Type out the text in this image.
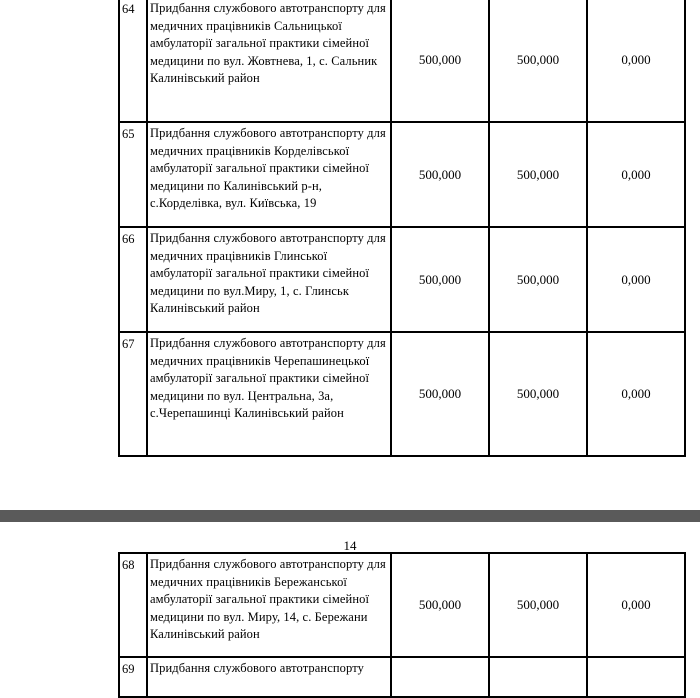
64	Придбання службового автотранспорту для медичних працівників Сальницької амбулаторії загальної практики сімейної медицини по вул. Жовтнева, 1, с. Сальник Калинівський район	500,000	500,000	0,000
65	Придбання службового автотранспорту для медичних працівників Корделівської амбулаторії загальної практики сімейної медицини по Калинівський р-н, с.Корделівка, вул. Київська, 19	500,000	500,000	0,000
66	Придбання службового автотранспорту для медичних працівників Глинської амбулаторії загальної практики сімейної медицини по вул.Миру, 1, с. Глинськ Калинівський район	500,000	500,000	0,000
67	Придбання службового автотранспорту для медичних працівників Черепашинецької амбулаторії загальної практики сімейної медицини по вул. Центральна, 3а, с.Черепашинці Калинівський район	500,000	500,000	0,000
14
68	Придбання службового автотранспорту для медичних працівників Бережанської амбулаторії загальної практики сімейної медицини по вул. Миру, 14, с. Бережани Калинівський район	500,000	500,000	0,000
69	Придбання службового автотранспорту			
